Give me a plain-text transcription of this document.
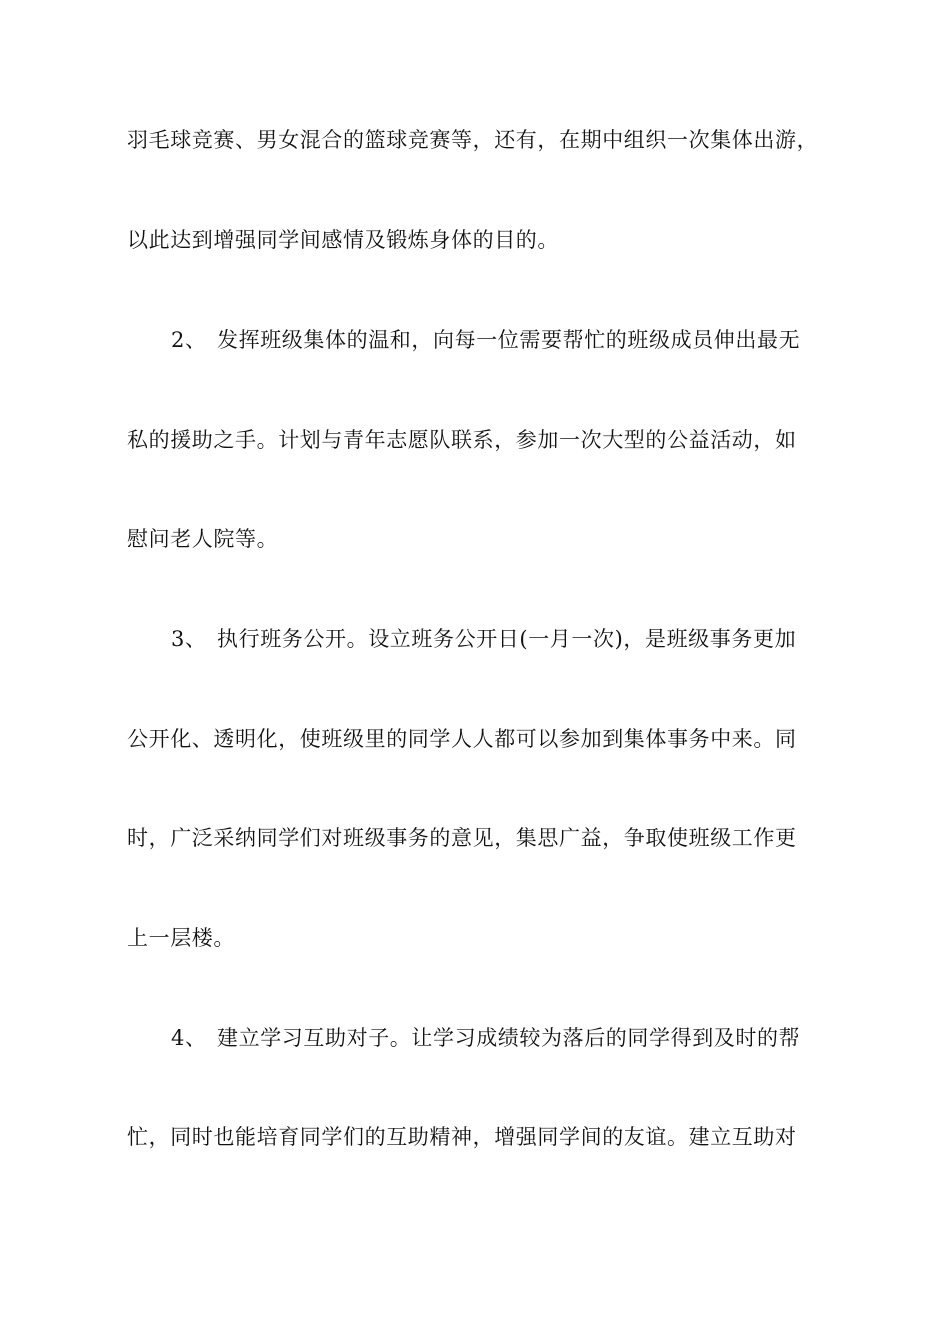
羽毛球竞赛、男女混合的篮球竞赛等，还有，在期中组织一次集体出游，
以此达到增强同学间感情及锻炼身体的目的。
2、 发挥班级集体的温和，向每一位需要帮忙的班级成员伸出最无
私的援助之手。计划与青年志愿队联系，参加一次大型的公益活动，如
慰问老人院等。
3、 执行班务公开。设立班务公开日(一月一次)，是班级事务更加
公开化、透明化，使班级里的同学人人都可以参加到集体事务中来。同
时，广泛采纳同学们对班级事务的意见，集思广益，争取使班级工作更
上一层楼。
4、 建立学习互助对子。让学习成绩较为落后的同学得到及时的帮
忙，同时也能培育同学们的互助精神，增强同学间的友谊。建立互助对
